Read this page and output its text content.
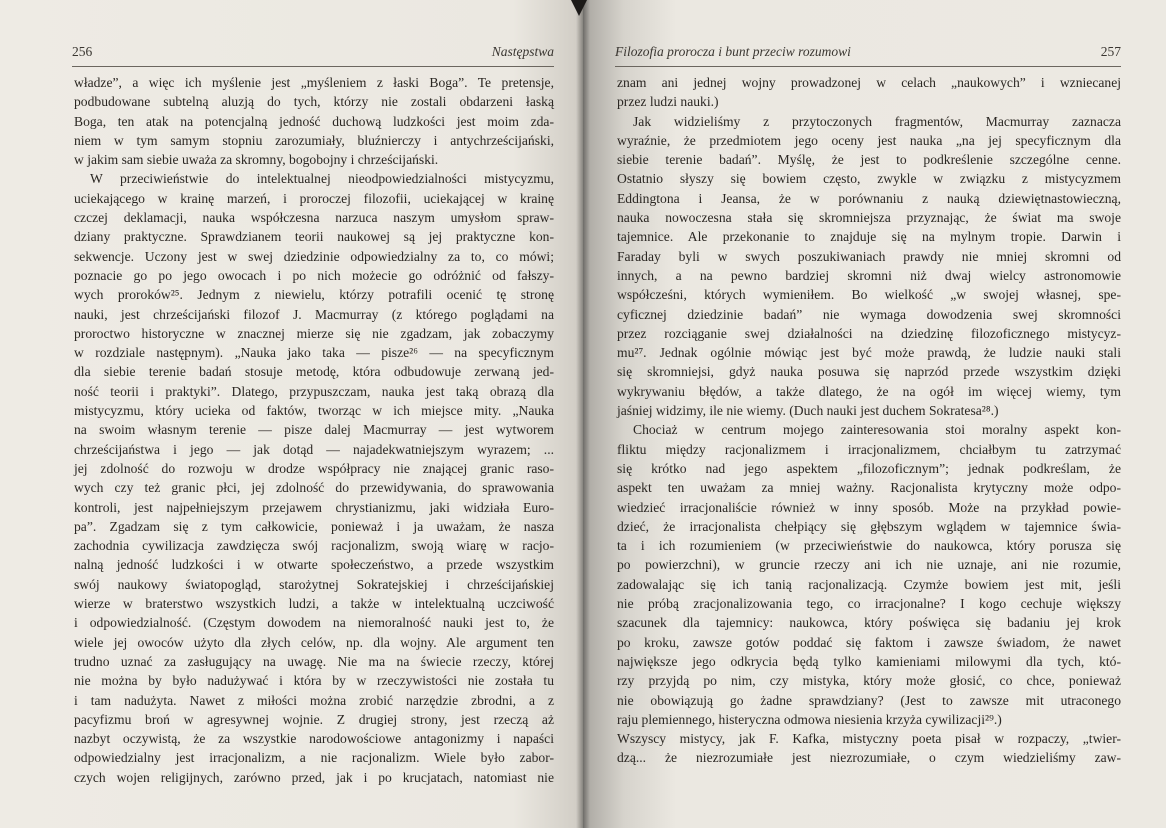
256	Następstwa
władze”, a więc ich myślenie jest „myśleniem z łaski Boga”. Te pretensje,
podbudowane subtelną aluzją do tych, którzy nie zostali obdarzeni łaską
Boga, ten atak na potencjalną jedność duchową ludzkości jest moim zda-
niem w tym samym stopniu zarozumiały, bluźnierczy i antychrześcijański,
w jakim sam siebie uważa za skromny, bogobojny i chrześcijański.
W przeciwieństwie do intelektualnej nieodpowiedzialności mistycyzmu,
uciekającego w krainę marzeń, i proroczej filozofii, uciekającej w krainę
czczej deklamacji, nauka współczesna narzuca naszym umysłom spraw-
dziany praktyczne. Sprawdzianem teorii naukowej są jej praktyczne kon-
sekwencje. Uczony jest w swej dziedzinie odpowiedzialny za to, co mówi;
poznacie go po jego owocach i po nich możecie go odróżnić od fałszy-
wych proroków²⁵. Jednym z niewielu, którzy potrafili ocenić tę stronę
nauki, jest chrześcijański filozof J. Macmurray (z którego poglądami na
proroctwo historyczne w znacznej mierze się nie zgadzam, jak zobaczymy
w rozdziale następnym). „Nauka jako taka — pisze²⁶ — na specyficznym
dla siebie terenie badań stosuje metodę, która odbudowuje zerwaną jed-
ność teorii i praktyki”. Dlatego, przypuszczam, nauka jest taką obrazą dla
mistycyzmu, który ucieka od faktów, tworząc w ich miejsce mity. „Nauka
na swoim własnym terenie — pisze dalej Macmurray — jest wytworem
chrześcijaństwa i jego — jak dotąd — najadekwatniejszym wyrazem; ...
jej zdolność do rozwoju w drodze współpracy nie znającej granic raso-
wych czy też granic płci, jej zdolność do przewidywania, do sprawowania
kontroli, jest najpełniejszym przejawem chrystianizmu, jaki widziała Euro-
pa”. Zgadzam się z tym całkowicie, ponieważ i ja uważam, że nasza
zachodnia cywilizacja zawdzięcza swój racjonalizm, swoją wiarę w racjo-
nalną jedność ludzkości i w otwarte społeczeństwo, a przede wszystkim
swój naukowy światopogląd, starożytnej Sokratejskiej i chrześcijańskiej
wierze w braterstwo wszystkich ludzi, a także w intelektualną uczciwość
i odpowiedzialność. (Częstym dowodem na niemoralność nauki jest to, że
wiele jej owoców użyto dla złych celów, np. dla wojny. Ale argument ten
trudno uznać za zasługujący na uwagę. Nie ma na świecie rzeczy, której
nie można by było nadużywać i która by w rzeczywistości nie została tu
i tam nadużyta. Nawet z miłości można zrobić narzędzie zbrodni, a z
pacyfizmu broń w agresywnej wojnie. Z drugiej strony, jest rzeczą aż
nazbyt oczywistą, że za wszystkie narodowościowe antagonizmy i napaści
odpowiedzialny jest irracjonalizm, a nie racjonalizm. Wiele było zabor-
czych wojen religijnych, zarówno przed, jak i po krucjatach, natomiast nie
Filozofia proroczа i bunt przeciw rozumowi	257
znam ani jednej wojny prowadzonej w celach „naukowych” i wzniecanej
przez ludzi nauki.)
Jak widzieliśmy z przytoczonych fragmentów, Macmurray zaznacza
wyraźnie, że przedmiotem jego oceny jest nauka „na jej specyficznym dla
siebie terenie badań”. Myślę, że jest to podkreślenie szczególne cenne.
Ostatnio słyszy się bowiem często, zwykle w związku z mistycyzmem
Eddingtona i Jeansa, że w porównaniu z nauką dziewiętnastowieczną,
nauka nowoczesna stała się skromniejsza przyznając, że świat ma swoje
tajemnice. Ale przekonanie to znajduje się na mylnym tropie. Darwin i
Faraday byli w swych poszukiwaniach prawdy nie mniej skromni od
innych, a na pewno bardziej skromni niż dwaj wielcy astronomowie
współcześni, których wymieniłem. Bo wielkość „w swojej własnej, spe-
cyficznej dziedzinie badań” nie wymaga dowodzenia swej skromności
przez rozciąganie swej działalności na dziedzinę filozoficznego mistycyz-
mu²⁷. Jednak ogólnie mówiąc jest być może prawdą, że ludzie nauki stali
się skromniejsi, gdyż nauka posuwa się naprzód przede wszystkim dzięki
wykrywaniu błędów, a także dlatego, że na ogół im więcej wiemy, tym
jaśniej widzimy, ile nie wiemy. (Duch nauki jest duchem Sokratesa²⁸.)
Chociaż w centrum mojego zainteresowania stoi moralny aspekt kon-
fliktu między racjonalizmem i irracjonalizmem, chciałbym tu zatrzymać
się krótko nad jego aspektem „filozoficznym”; jednak podkreślam, że
aspekt ten uważam za mniej ważny. Racjonalista krytyczny może odpo-
wiedzieć irracjonaliście również w inny sposób. Może na przykład powie-
dzieć, że irracjonalista chełpiący się głębszym wglądem w tajemnice świa-
ta i ich rozumieniem (w przeciwieństwie do naukowca, który porusza się
po powierzchni), w gruncie rzeczy ani ich nie uznaje, ani nie rozumie,
zadowalając się ich tanią racjonalizacją. Czymże bowiem jest mit, jeśli
nie próbą zracjonalizowania tego, co irracjonalne? I kogo cechuje większy
szacunek dla tajemnicy: naukowca, który poświęca się badaniu jej krok
po kroku, zawsze gotów poddać się faktom i zawsze świadom, że nawet
największe jego odkrycia będą tylko kamieniami milowymi dla tych, któ-
rzy przyjdą po nim, czy mistyka, który może głosić, co chce, ponieważ
nie obowiązują go żadne sprawdziany? (Jest to zawsze mit utraconego
raju plemiennego, histeryczna odmowa niesienia krzyża cywilizacji²⁹.)
Wszyscy mistycy, jak F. Kafka, mistyczny poeta pisał w rozpaczy, „twier-
dzą... że niezrozumiałe jest niezrozumiałe, o czym wiedzieliśmy zaw-
